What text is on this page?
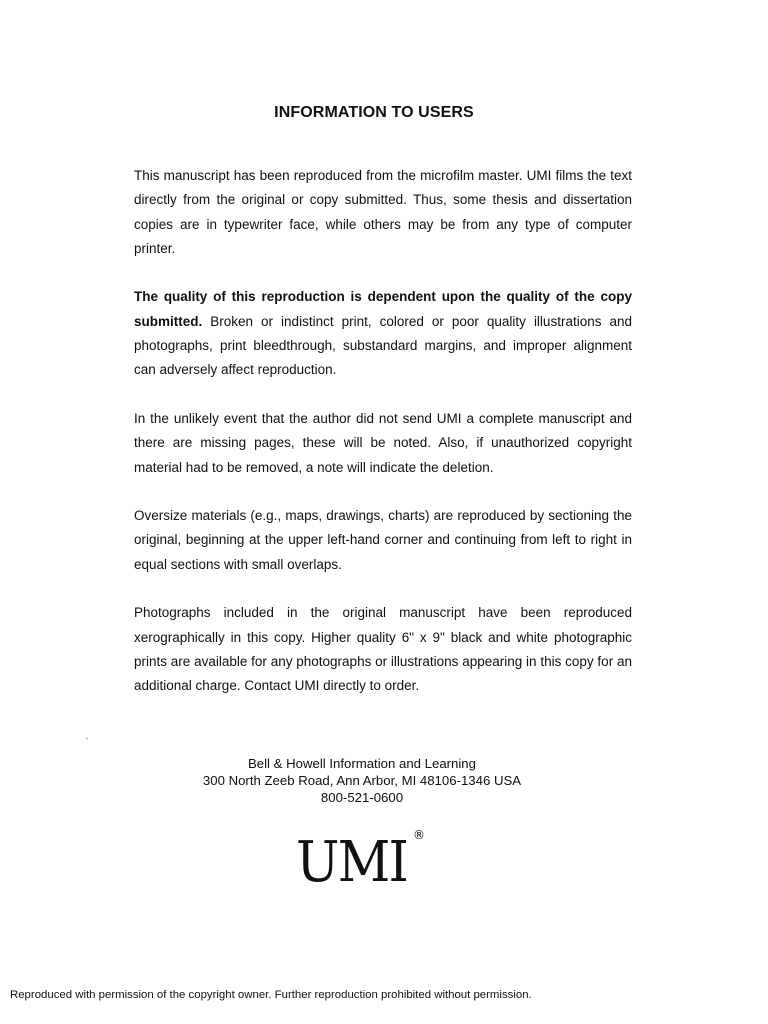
INFORMATION TO USERS

This manuscript has been reproduced from the microfilm master. UMI films the text directly from the original or copy submitted. Thus, some thesis and dissertation copies are in typewriter face, while others may be from any type of computer printer.

The quality of this reproduction is dependent upon the quality of the copy submitted. Broken or indistinct print, colored or poor quality illustrations and photographs, print bleedthrough, substandard margins, and improper alignment can adversely affect reproduction.

In the unlikely event that the author did not send UMI a complete manuscript and there are missing pages, these will be noted. Also, if unauthorized copyright material had to be removed, a note will indicate the deletion.

Oversize materials (e.g., maps, drawings, charts) are reproduced by sectioning the original, beginning at the upper left-hand corner and continuing from left to right in equal sections with small overlaps.

Photographs included in the original manuscript have been reproduced xerographically in this copy. Higher quality 6" x 9" black and white photographic prints are available for any photographs or illustrations appearing in this copy for an additional charge. Contact UMI directly to order.

Bell & Howell Information and Learning
300 North Zeeb Road, Ann Arbor, MI 48106-1346 USA
800-521-0600
UMI ®
Reproduced with permission of the copyright owner. Further reproduction prohibited without permission.
